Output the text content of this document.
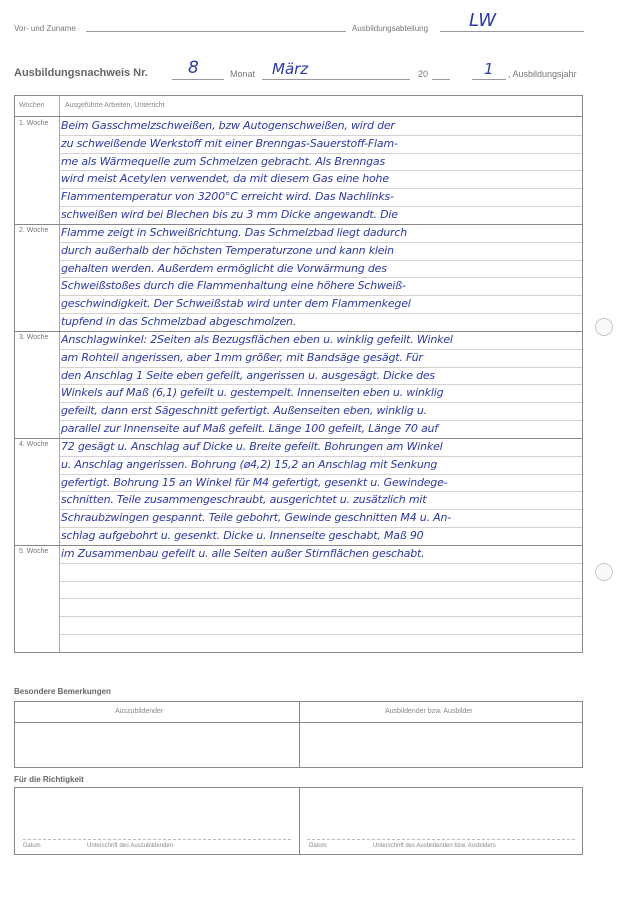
Vor- und Zuname	Ausbildungsabteilung LW
Ausbildungsnachweis Nr. 8	Monat März	20	1 , Ausbildungsjahr
Wochen	Ausgeführte Arbeiten, Unterricht
1. Woche Beim Gasschmelzschweißen, bzw Autogenschweißen, wird der
zu schweißende Werkstoff mit einer Brenngas-Sauerstoff-Flam-
me als Wärmequelle zum Schmelzen gebracht. Als Brenngas
wird meist Acetylen verwendet, da mit diesem Gas eine hohe
Flammentemperatur von 3200°C erreicht wird. Das Nachlinks-
schweißen wird bei Blechen bis zu 3 mm Dicke angewandt. Die
2. Woche Flamme zeigt in Schweißrichtung. Das Schmelzbad liegt dadurch
durch außerhalb der höchsten Temperaturzone und kann klein
gehalten werden. Außerdem ermöglicht die Vorwärmung des
Schweißstoßes durch die Flammenhaltung eine höhere Schweiß-
geschwindigkeit. Der Schweißstab wird unter dem Flammenkegel
tupfend in das Schmelzbad abgeschmolzen.
3. Woche Anschlagwinkel: 2Seiten als Bezugsflächen eben u. winklig gefeilt. Winkel
am Rohteil angerissen, aber 1mm größer, mit Bandsäge gesägt. Für
den Anschlag 1 Seite eben gefeilt, angerissen u. ausgesägt. Dicke des
Winkels auf Maß (6,1) gefeilt u. gestempelt. Innenseiten eben u. winklig
gefeilt, dann erst Sägeschnitt gefertigt. Außenseiten eben, winklig u.
parallel zur Innenseite auf Maß gefeilt. Länge 100 gefeilt, Länge 70 auf
4. Woche 72 gesägt u. Anschlag auf Dicke u. Breite gefeilt. Bohrungen am Winkel
u. Anschlag angerissen. Bohrung (ø4,2) 15,2 an Anschlag mit Senkung
gefertigt. Bohrung 15 an Winkel für M4 gefertigt, gesenkt u. Gewindege-
schnitten. Teile zusammengeschraubt, ausgerichtet u. zusätzlich mit
Schraubzwingen gespannt. Teile gebohrt, Gewinde geschnitten M4 u. An-
schlag aufgebohrt u. gesenkt. Dicke u. Innenseite geschabt, Maß 90
5. Woche im Zusammenbau gefeilt u. alle Seiten außer Stirnflächen geschabt.
Besondere Bemerkungen
Auszubildender	Ausbildender bzw. Ausbilder
Für die Richtigkeit
Datum	Unterschrift des Auszubildenden	Datum	Unterschrift des Ausbildenden bzw. Ausbilders
